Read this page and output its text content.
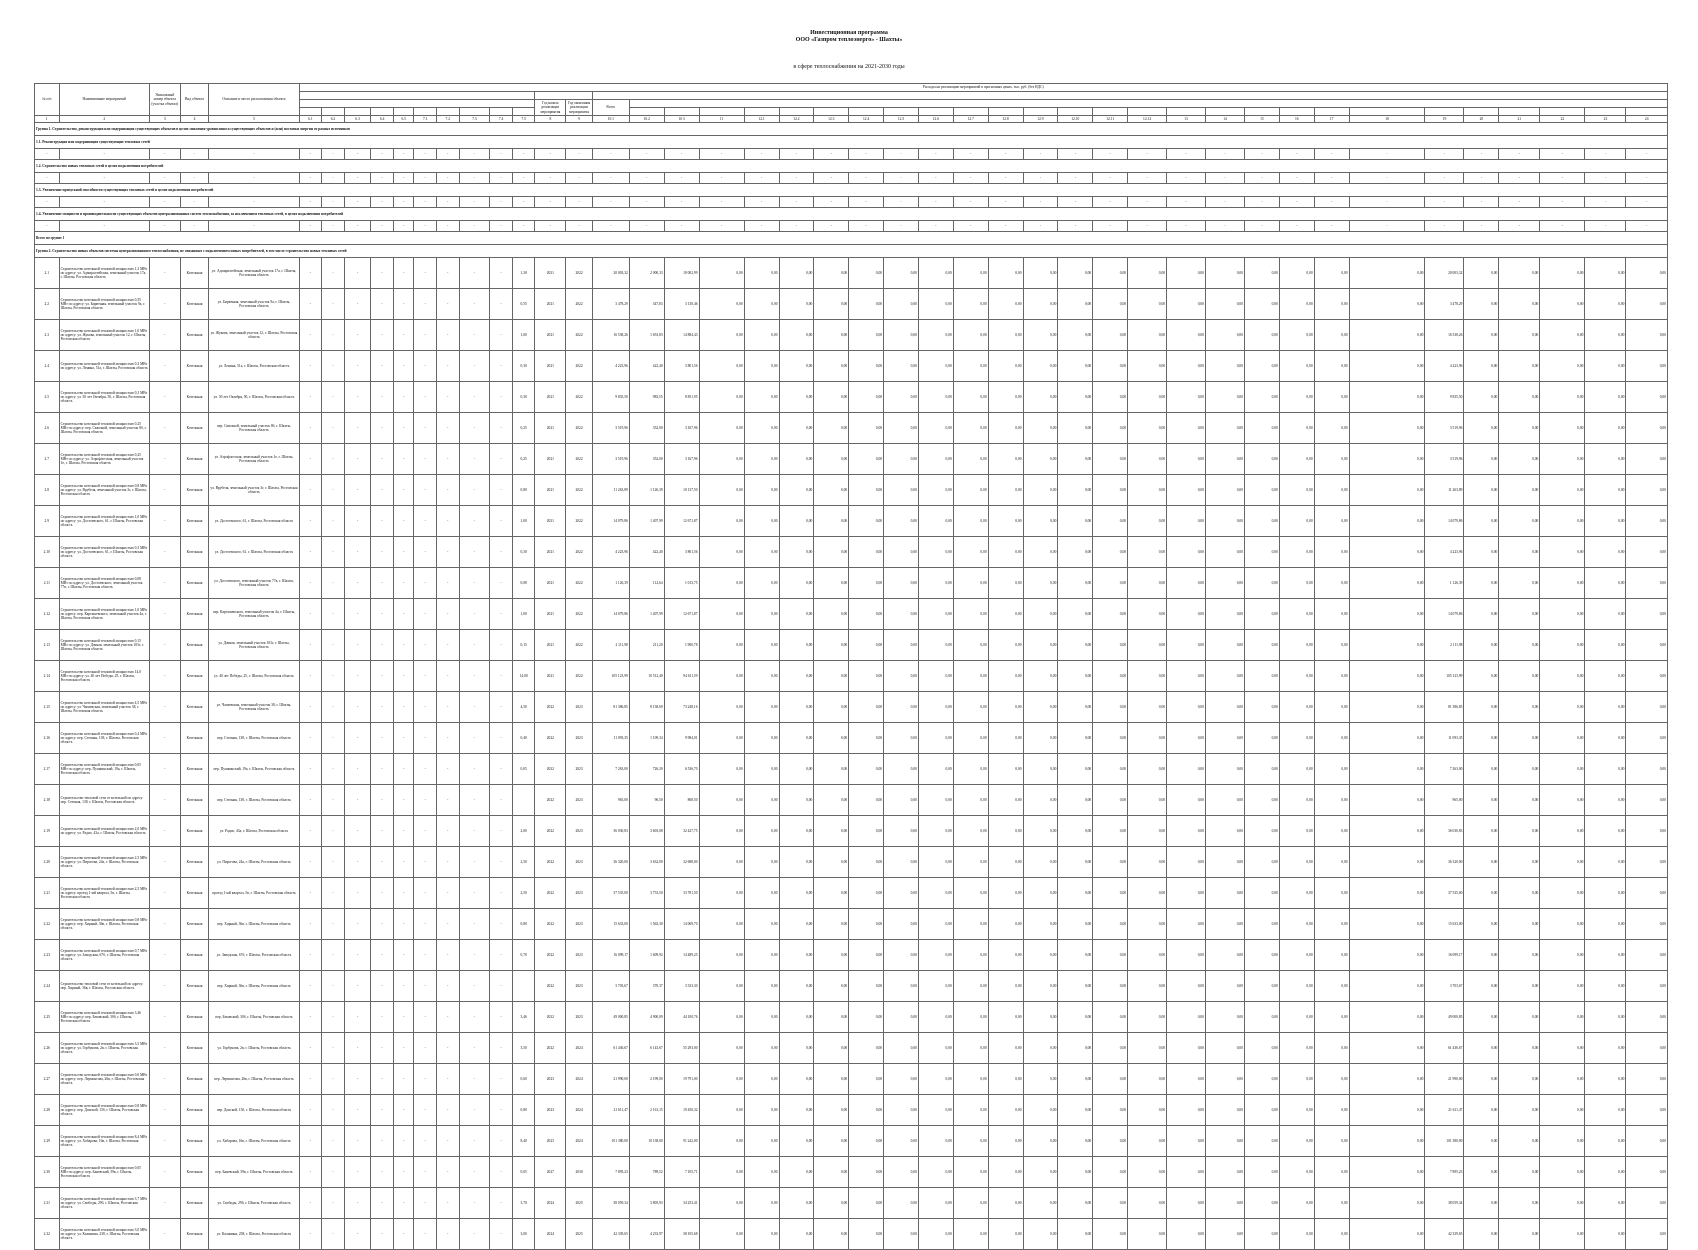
Инвестиционная программа
ООО «Газпром теплоэнерго» - Шахты»
в сфере теплоснабжения на 2021-2030 годы
№ п/п	Наименование мероприятий	Уникальный номер объекта (участка объекта)	Вид объекта	Описание и место расположения объекта	Расходы на реализацию мероприятий в прогнозных ценах, тыс. руб. (без НДС)																																							

															Год начала реализации мероприятия	Год окончания реализации мероприятия	Всего																											

1	2	3	4	5	6.1	6.2	6.3	6.4	6.5	7.1	7.2	7.3	7.4	7.5	8	9	10.1	10.2	10.3	11	12.1	12.2	12.3	12.4	12.5	12.6	12.7	12.8	12.9	12.10	12.11	12.12	13	14	15	16	17	18	19	20	21	22	23	24
Группа 1. Строительство, реконструкция или модернизация существующих объектов в целях снижения уровня износа существующих объектов и (или) поставки энергии от разных источников																																												
1.1. Реконструкция или модернизация существующих тепловых сетей																																												
-	-	-	-	-	-	-	-	-	-	-	-	-	-	-	-	-	-	-	-	-	-	-	-	-	-	-	-	-	-	-	-	-	-	-	-	-	-	-	-	-	-	-	-	-
1.2. Строительство новых тепловых сетей в целях подключения потребителей																																												
-	-	-	-	-	-	-	-	-	-	-	-	-	-	-	-	-	-	-	-	-	-	-	-	-	-	-	-	-	-	-	-	-	-	-	-	-	-	-	-	-	-	-	-	-
1.3. Увеличение пропускной способности существующих тепловых сетей в целях подключения потребителей																																												
-	-	-	-	-	-	-	-	-	-	-	-	-	-	-	-	-	-	-	-	-	-	-	-	-	-	-	-	-	-	-	-	-	-	-	-	-	-	-	-	-	-	-	-	-
1.4. Увеличение мощности и производительности существующих объектов централизованных систем теплоснабжения, за исключением тепловых сетей, в целях подключения потребителей																																												
-	-	-	-	-	-	-	-	-	-	-	-	-	-	-	-	-	-	-	-	-	-	-	-	-	-	-	-	-	-	-	-	-	-	-	-	-	-	-	-	-	-	-	-	-
Всего по группе 1																																												
Группа 2. Строительство новых объектов системы централизованного теплоснабжения, не связанных с подключением новых потребителей, в том числе строительство новых тепловых сетей																																												
2.1	Строительство котельной тепловой мощностью 1,3 МВт по адресу: ул. Адмиралтейская, земельный участок 17а, г. Шахты, Ростовская область	-	Котельная	ул. Адмиралтейская, земельный участок 17а, г. Шахты, Ростовская область	-	-	-	-	-	-	-	-	-	1,30	2021	2022	20 003,32	2 000,33	18 002,99	0,00	0,00	0,00	0,00	0,00	0,00	0,00	0,00	0,00	0,00	0,00	0,00	0,00	0,00	0,00	0,00	0,00	0,00	0,00	20 003,32	0,00	0,00	0,00	0,00	0,00
2.2	Строительство котельной тепловой мощностью 0,55 МВт по адресу: ул. Бирючная, земельный участок 9а, г. Шахты, Ростовская область	-	Котельная	ул. Бирючная, земельный участок 9а, г. Шахты, Ростовская область	-	-	-	-	-	-	-	-	-	0,55	2021	2022	3 478,29	347,83	3 130,46	0,00	0,00	0,00	0,00	0,00	0,00	0,00	0,00	0,00	0,00	0,00	0,00	0,00	0,00	0,00	0,00	0,00	0,00	0,00	3 478,29	0,00	0,00	0,00	0,00	0,00
2.3	Строительство котельной тепловой мощностью 1,0 МВт по адресу: ул. Жукова, земельный участок 12, г. Шахты, Ростовская область	-	Котельная	ул. Жукова, земельный участок 12, г. Шахты, Ростовская область	-	-	-	-	-	-	-	-	-	1,00	2021	2022	16 538,26	1 653,83	14 884,43	0,00	0,00	0,00	0,00	0,00	0,00	0,00	0,00	0,00	0,00	0,00	0,00	0,00	0,00	0,00	0,00	0,00	0,00	0,00	16 538,26	0,00	0,00	0,00	0,00	0,00
2.4	Строительство котельной тепловой мощностью 0,3 МВт по адресу: ул. Ленина, 51а, г. Шахты, Ростовская область	-	Котельная	ул. Ленина, 51а, г. Шахты, Ростовская область	-	-	-	-	-	-	-	-	-	0,30	2021	2022	4 223,96	422,40	3 801,56	0,00	0,00	0,00	0,00	0,00	0,00	0,00	0,00	0,00	0,00	0,00	0,00	0,00	0,00	0,00	0,00	0,00	0,00	0,00	4 223,96	0,00	0,00	0,00	0,00	0,00
2.5	Строительство котельной тепловой мощностью 0,3 МВт по адресу: ул. 50 лет Октября, 50, г. Шахты, Ростовская область	-	Котельная	ул. 50 лет Октября, 50, г. Шахты, Ростовская область	-	-	-	-	-	-	-	-	-	0,30	2021	2022	9 835,50	983,55	8 851,95	0,00	0,00	0,00	0,00	0,00	0,00	0,00	0,00	0,00	0,00	0,00	0,00	0,00	0,00	0,00	0,00	0,00	0,00	0,00	9 835,50	0,00	0,00	0,00	0,00	0,00
2.6	Строительство котельной тепловой мощностью 0,25 МВт по адресу: пер. Сквозной, земельный участок 8б, г. Шахты, Ростовская область	-	Котельная	пер. Сквозной, земельный участок 8б, г. Шахты, Ростовская область	-	-	-	-	-	-	-	-	-	0,25	2021	2022	3 519,96	352,00	3 167,96	0,00	0,00	0,00	0,00	0,00	0,00	0,00	0,00	0,00	0,00	0,00	0,00	0,00	0,00	0,00	0,00	0,00	0,00	0,00	3 519,96	0,00	0,00	0,00	0,00	0,00
2.7	Строительство котельной тепловой мощностью 0,25 МВт по адресу: ул. Аэрофлотская, земельный участок 1е, г. Шахты, Ростовская область	-	Котельная	ул. Аэрофлотская, земельный участок 1е, г. Шахты, Ростовская область	-	-	-	-	-	-	-	-	-	0,25	2021	2022	3 519,96	352,00	3 167,96	0,00	0,00	0,00	0,00	0,00	0,00	0,00	0,00	0,00	0,00	0,00	0,00	0,00	0,00	0,00	0,00	0,00	0,00	0,00	3 519,96	0,00	0,00	0,00	0,00	0,00
2.8	Строительство котельной тепловой мощностью 0,8 МВт по адресу: ул. Врубеля, земельный участок 3г, г. Шахты, Ростовская область	-	Котельная	ул. Врубеля, земельный участок 3г, г. Шахты, Ростовская область	-	-	-	-	-	-	-	-	-	0,80	2021	2022	11 263,89	1 126,39	10 137,50	0,00	0,00	0,00	0,00	0,00	0,00	0,00	0,00	0,00	0,00	0,00	0,00	0,00	0,00	0,00	0,00	0,00	0,00	0,00	11 263,89	0,00	0,00	0,00	0,00	0,00
2.9	Строительство котельной тепловой мощностью 1,0 МВт по адресу: ул. Достоевского, 61, г. Шахты, Ростовская область	-	Котельная	ул. Достоевского, 61, г. Шахты, Ростовская область	-	-	-	-	-	-	-	-	-	1,00	2021	2022	14 079,86	1 407,99	12 671,87	0,00	0,00	0,00	0,00	0,00	0,00	0,00	0,00	0,00	0,00	0,00	0,00	0,00	0,00	0,00	0,00	0,00	0,00	0,00	14 079,86	0,00	0,00	0,00	0,00	0,00
2.10	Строительство котельной тепловой мощностью 0,3 МВт по адресу: ул. Достоевского, 61, г. Шахты, Ростовская область	-	Котельная	ул. Достоевского, 61, г. Шахты, Ростовская область	-	-	-	-	-	-	-	-	-	0,30	2021	2022	4 223,96	422,40	3 801,56	0,00	0,00	0,00	0,00	0,00	0,00	0,00	0,00	0,00	0,00	0,00	0,00	0,00	0,00	0,00	0,00	0,00	0,00	0,00	4 223,96	0,00	0,00	0,00	0,00	0,00
2.11	Строительство котельной тепловой мощностью 0,08 МВт по адресу: ул. Достоевского, земельный участок 77в, г. Шахты, Ростовская область	-	Котельная	ул. Достоевского, земельный участок 77в, г. Шахты, Ростовская область	-	-	-	-	-	-	-	-	-	0,08	2021	2022	1 126,39	112,64	1 013,75	0,00	0,00	0,00	0,00	0,00	0,00	0,00	0,00	0,00	0,00	0,00	0,00	0,00	0,00	0,00	0,00	0,00	0,00	0,00	1 126,39	0,00	0,00	0,00	0,00	0,00
2.12	Строительство котельной тепловой мощностью 1,0 МВт по адресу: пер. Карташевского, земельный участок 4а, г. Шахты, Ростовская область	-	Котельная	пер. Карташевского, земельный участок 4а, г. Шахты, Ростовская область	-	-	-	-	-	-	-	-	-	1,00	2021	2022	14 079,86	1 407,99	12 671,87	0,00	0,00	0,00	0,00	0,00	0,00	0,00	0,00	0,00	0,00	0,00	0,00	0,00	0,00	0,00	0,00	0,00	0,00	0,00	14 079,86	0,00	0,00	0,00	0,00	0,00
2.13	Строительство котельной тепловой мощностью 0,15 МВт по адресу: ул. Дачная, земельный участок 103г, г. Шахты, Ростовская область	-	Котельная	ул. Дачная, земельный участок 103г, г. Шахты, Ростовская область	-	-	-	-	-	-	-	-	-	0,15	2021	2022	2 111,98	211,20	1 900,78	0,00	0,00	0,00	0,00	0,00	0,00	0,00	0,00	0,00	0,00	0,00	0,00	0,00	0,00	0,00	0,00	0,00	0,00	0,00	2 111,98	0,00	0,00	0,00	0,00	0,00
2.14	Строительство котельной тепловой мощностью 14,0 МВт по адресу: ул. 40 лет Победы, 25, г. Шахты, Ростовская область	-	Котельная	ул. 40 лет Победы, 25, г. Шахты, Ростовская область	-	-	-	-	-	-	-	-	-	14,00	2021	2022	105 123,99	10 512,40	94 611,59	0,00	0,00	0,00	0,00	0,00	0,00	0,00	0,00	0,00	0,00	0,00	0,00	0,00	0,00	0,00	0,00	0,00	0,00	0,00	105 123,99	0,00	0,00	0,00	0,00	0,00
2.15	Строительство котельной тепловой мощностью 4,5 МВт по адресу: ул. Чапаевская, земельный участок 38, г. Шахты, Ростовская область	-	Котельная	ул. Чапаевская, земельный участок 38, г. Шахты, Ростовская область	-	-	-	-	-	-	-	-	-	4,50	2022	2023	81 386,85	8 138,69	73 248,16	0,00	0,00	0,00	0,00	0,00	0,00	0,00	0,00	0,00	0,00	0,00	0,00	0,00	0,00	0,00	0,00	0,00	0,00	0,00	81 386,85	0,00	0,00	0,00	0,00	0,00
2.16	Строительство котельной тепловой мощностью 0,4 МВт по адресу: пер. Степная, 138, г. Шахты, Ростовская область	-	Котельная	пер. Степная, 138, г. Шахты, Ростовская область	-	-	-	-	-	-	-	-	-	0,40	2022	2023	11 093,35	1 109,34	9 984,01	0,00	0,00	0,00	0,00	0,00	0,00	0,00	0,00	0,00	0,00	0,00	0,00	0,00	0,00	0,00	0,00	0,00	0,00	0,00	11 093,35	0,00	0,00	0,00	0,00	0,00
2.17	Строительство котельной тепловой мощностью 0,05 МВт по адресу: пер. Пушкинский, 19а, г. Шахты, Ростовская область	-	Котельная	пер. Пушкинский, 19а, г. Шахты, Ростовская область	-	-	-	-	-	-	-	-	-	0,05	2022	2023	7 263,00	726,30	6 536,70	0,00	0,00	0,00	0,00	0,00	0,00	0,00	0,00	0,00	0,00	0,00	0,00	0,00	0,00	0,00	0,00	0,00	0,00	0,00	7 263,00	0,00	0,00	0,00	0,00	0,00
2.18	Строительство тепловой сети от котельной по адресу: пер. Степная, 138, г. Шахты, Ростовская область	-	Котельная	пер. Степная, 138, г. Шахты, Ростовская область	-	-	-	-	-	-	-	-	-		2022	2023	965,00	96,50	868,50	0,00	0,00	0,00	0,00	0,00	0,00	0,00	0,00	0,00	0,00	0,00	0,00	0,00	0,00	0,00	0,00	0,00	0,00	0,00	965,00	0,00	0,00	0,00	0,00	0,00
2.19	Строительство котельной тепловой мощностью 2,0 МВт по адресу: ул. Радио, 43а, г. Шахты, Ростовская область	-	Котельная	ул. Радио, 43а, г. Шахты, Ростовская область	-	-	-	-	-	-	-	-	-	2,00	2022	2023	36 030,83	3 603,08	32 427,75	0,00	0,00	0,00	0,00	0,00	0,00	0,00	0,00	0,00	0,00	0,00	0,00	0,00	0,00	0,00	0,00	0,00	0,00	0,00	36 030,83	0,00	0,00	0,00	0,00	0,00
2.20	Строительство котельной тепловой мощностью 2,5 МВт по адресу: ул. Пирогова, 24а, г. Шахты, Ростовская область	-	Котельная	ул. Пирогова, 24а, г. Шахты, Ростовская область	-	-	-	-	-	-	-	-	-	2,50	2022	2023	36 320,00	3 632,00	32 688,00	0,00	0,00	0,00	0,00	0,00	0,00	0,00	0,00	0,00	0,00	0,00	0,00	0,00	0,00	0,00	0,00	0,00	0,00	0,00	36 320,00	0,00	0,00	0,00	0,00	0,00
2.21	Строительство котельной тепловой мощностью 2,5 МВт по адресу: проезд 1-ый квартал, 5в, г. Шахты, Ростовская область	-	Котельная	проезд 1-ый квартал, 5в, г. Шахты, Ростовская область	-	-	-	-	-	-	-	-	-	2,50	2022	2023	37 535,00	3 753,50	33 781,50	0,00	0,00	0,00	0,00	0,00	0,00	0,00	0,00	0,00	0,00	0,00	0,00	0,00	0,00	0,00	0,00	0,00	0,00	0,00	37 535,00	0,00	0,00	0,00	0,00	0,00
2.22	Строительство котельной тепловой мощностью 0,8 МВт по адресу: пер. Хирный, 36в, г. Шахты, Ростовская область	-	Котельная	пер. Хирный, 36в, г. Шахты, Ростовская область	-	-	-	-	-	-	-	-	-	0,80	2022	2023	15 633,00	1 563,30	14 069,70	0,00	0,00	0,00	0,00	0,00	0,00	0,00	0,00	0,00	0,00	0,00	0,00	0,00	0,00	0,00	0,00	0,00	0,00	0,00	15 633,00	0,00	0,00	0,00	0,00	0,00
2.23	Строительство котельной тепловой мощностью 0,7 МВт по адресу: ул. Заводская, 67б, г. Шахты, Ростовская область	-	Котельная	ул. Заводская, 67б, г. Шахты, Ростовская область	-	-	-	-	-	-	-	-	-	0,70	2022	2023	16 099,17	1 609,92	14 489,25	0,00	0,00	0,00	0,00	0,00	0,00	0,00	0,00	0,00	0,00	0,00	0,00	0,00	0,00	0,00	0,00	0,00	0,00	0,00	16 099,17	0,00	0,00	0,00	0,00	0,00
2.24	Строительство тепловой сети от котельной по адресу: пер. Хирный, 36в, г. Шахты, Ростовская область	-	Котельная	пер. Хирный, 36в, г. Шахты, Ростовская область	-	-	-	-	-	-	-	-	-		2022	2023	3 703,67	370,37	3 333,30	0,00	0,00	0,00	0,00	0,00	0,00	0,00	0,00	0,00	0,00	0,00	0,00	0,00	0,00	0,00	0,00	0,00	0,00	0,00	3 703,67	0,00	0,00	0,00	0,00	0,00
2.25	Строительство котельной тепловой мощностью 3,46 МВт по адресу: пер. Бековский, 30б, г. Шахты, Ростовская область	-	Котельная	пер. Бековский, 30б, г. Шахты, Ростовская область	-	-	-	-	-	-	-	-	-	3,46	2022	2023	49 000,85	4 900,09	44 100,76	0,00	0,00	0,00	0,00	0,00	0,00	0,00	0,00	0,00	0,00	0,00	0,00	0,00	0,00	0,00	0,00	0,00	0,00	0,00	49 000,85	0,00	0,00	0,00	0,00	0,00
2.26	Строительство котельной тепловой мощностью 3,5 МВт по адресу: ул. Горбунова, 2в, г. Шахты, Ростовская область	-	Котельная	ул. Горбунова, 2в, г. Шахты, Ростовская область	-	-	-	-	-	-	-	-	-	3,50	2022	2024	61 436,67	6 143,67	55 293,00	0,00	0,00	0,00	0,00	0,00	0,00	0,00	0,00	0,00	0,00	0,00	0,00	0,00	0,00	0,00	0,00	0,00	0,00	0,00	61 436,67	0,00	0,00	0,00	0,00	0,00
2.27	Строительство котельной тепловой мощностью 0,6 МВт по адресу: пер. Лермонтова, 26в, г. Шахты, Ростовская область	-	Котельная	пер. Лермонтова, 26в, г. Шахты, Ростовская область	-	-	-	-	-	-	-	-	-	0,60	2023	2024	21 990,00	2 199,00	19 791,00	0,00	0,00	0,00	0,00	0,00	0,00	0,00	0,00	0,00	0,00	0,00	0,00	0,00	0,00	0,00	0,00	0,00	0,00	0,00	21 990,00	0,00	0,00	0,00	0,00	0,00
2.28	Строительство котельной тепловой мощностью 0,8 МВт по адресу: пер. Донской, 15б, г. Шахты, Ростовская область	-	Котельная	пер. Донской, 15б, г. Шахты, Ростовская область	-	-	-	-	-	-	-	-	-	0,80	2023	2024	21 611,47	2 161,15	19 450,32	0,00	0,00	0,00	0,00	0,00	0,00	0,00	0,00	0,00	0,00	0,00	0,00	0,00	0,00	0,00	0,00	0,00	0,00	0,00	21 611,47	0,00	0,00	0,00	0,00	0,00
2.29	Строительство котельной тепловой мощностью 8,4 МВт по адресу: ул. Хабарова, 16в, г. Шахты, Ростовская область	-	Котельная	ул. Хабарова, 16в, г. Шахты, Ростовская область	-	-	-	-	-	-	-	-	-	8,40	2023	2024	101 380,00	10 138,00	91 242,00	0,00	0,00	0,00	0,00	0,00	0,00	0,00	0,00	0,00	0,00	0,00	0,00	0,00	0,00	0,00	0,00	0,00	0,00	0,00	101 380,00	0,00	0,00	0,00	0,00	0,00
2.30	Строительство котельной тепловой мощностью 0,05 МВт по адресу: пер. Баневский, 59в, г. Шахты, Ростовская область	-	Котельная	пер. Баневский, 59в, г. Шахты, Ростовская область	-	-	-	-	-	-	-	-	-	0,05	2027	2030	7 895,23	789,52	7 105,71	0,00	0,00	0,00	0,00	0,00	0,00	0,00	0,00	0,00	0,00	0,00	0,00	0,00	0,00	0,00	0,00	0,00	0,00	0,00	7 895,23	0,00	0,00	0,00	0,00	0,00
2.31	Строительство котельной тепловой мощностью 3,7 МВт по адресу: ул. Свободы, 29б, г. Шахты, Ростовская область	-	Котельная	ул. Свободы, 29б, г. Шахты, Ростовская область	-	-	-	-	-	-	-	-	-	3,70	2024	2025	38 059,34	3 805,93	34 253,41	0,00	0,00	0,00	0,00	0,00	0,00	0,00	0,00	0,00	0,00	0,00	0,00	0,00	0,00	0,00	0,00	0,00	0,00	0,00	38 059,34	0,00	0,00	0,00	0,00	0,00
2.32	Строительство котельной тепловой мощностью 3,0 МВт по адресу: ул. Калинина, 238, г. Шахты, Ростовская область	-	Котельная	ул. Калинина, 238, г. Шахты, Ростовская область	-	-	-	-	-	-	-	-	-	3,00	2024	2025	42 339,65	4 233,97	38 105,68	0,00	0,00	0,00	0,00	0,00	0,00	0,00	0,00	0,00	0,00	0,00	0,00	0,00	0,00	0,00	0,00	0,00	0,00	0,00	42 339,65	0,00	0,00	0,00	0,00	0,00
